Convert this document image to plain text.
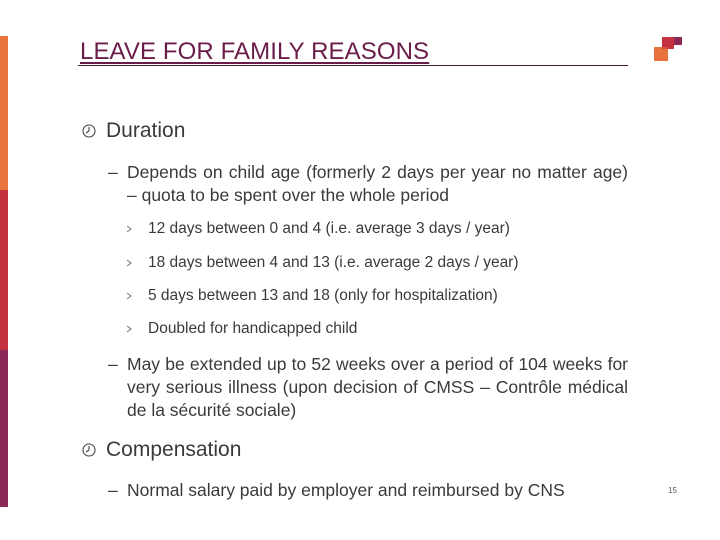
LEAVE FOR FAMILY REASONS
Duration
– Depends on child age (formerly 2 days per year no matter age) – quota to be spent over the whole period
12 days between 0 and 4 (i.e. average 3 days / year)
18 days between 4 and 13 (i.e. average 2 days / year)
5 days between 13 and 18 (only for hospitalization)
Doubled for handicapped child
– May be extended up to 52 weeks over a period of 104 weeks for very serious illness (upon decision of CMSS – Contrôle médical de la sécurité sociale)
Compensation
– Normal salary paid by employer and reimbursed by CNS	15
